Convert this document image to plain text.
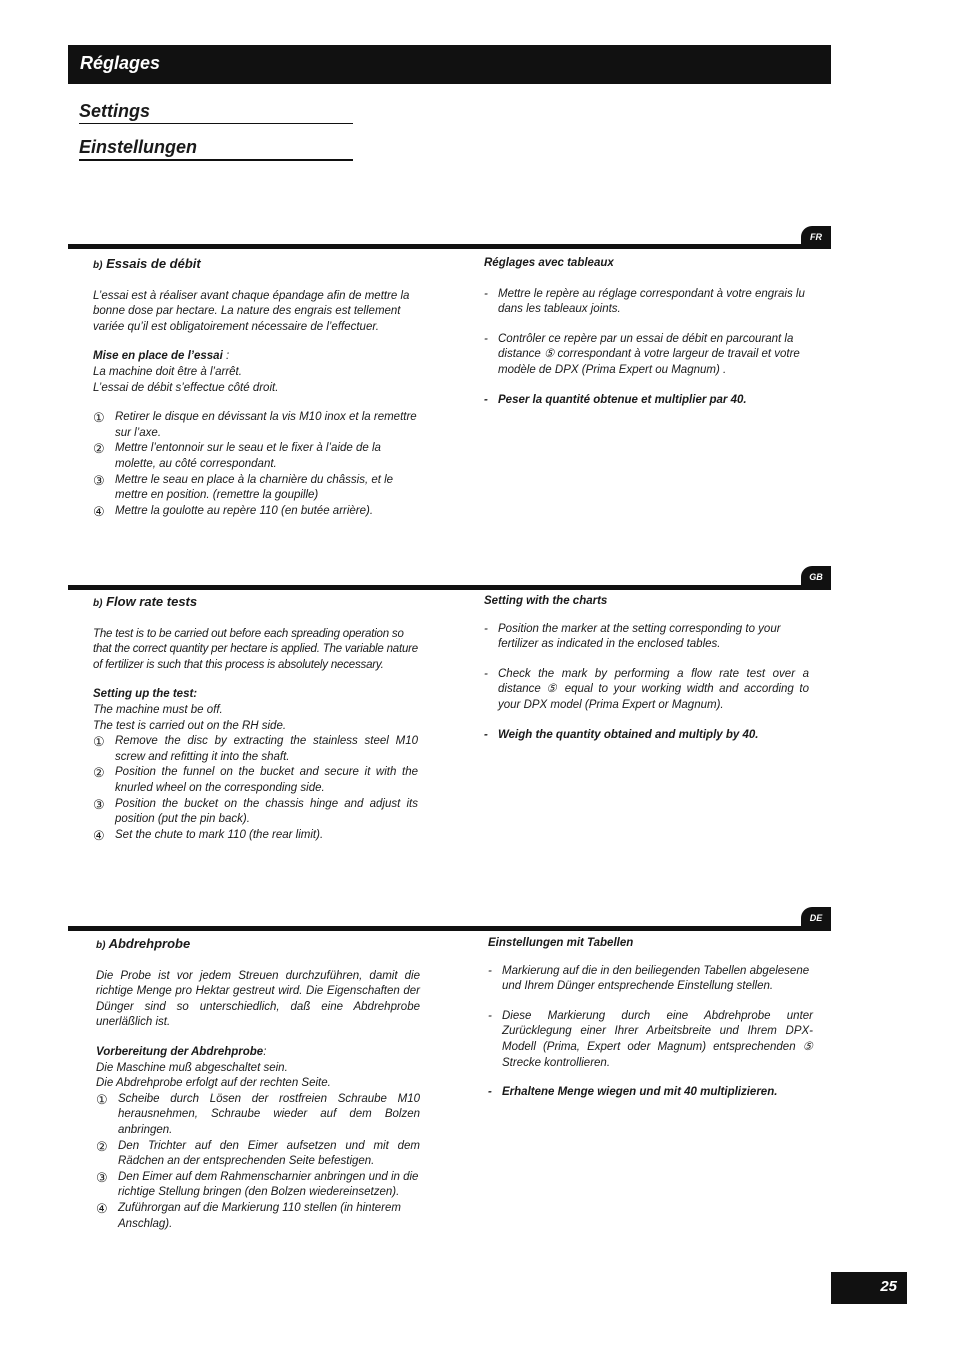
Réglages
Settings
Einstellungen
FR

b) Essais de débit

L’essai est à réaliser avant chaque épandage afin de mettre la bonne dose par hectare. La nature des engrais est tellement variée qu’il est obligatoirement nécessaire de l’effectuer.

Mise en place de l’essai :

La machine doit être à l’arrêt.

L’essai de débit s’effectue côté droit.

① Retirer le disque en dévissant la vis M10 inox et la remettre sur l’axe.
② Mettre l’entonnoir sur le seau et le fixer à l’aide de la molette, au côté correspondant.
③ Mettre le seau en place à la charnière du châssis, et le mettre en position. (remettre la goupille)
④ Mettre la goulotte au repère 110 (en butée arrière).

Réglages avec tableaux

- Mettre le repère au réglage correspondant à votre engrais lu dans les tableaux joints.
- Contrôler ce repère par un essai de débit en parcourant la distance ⑤ correspondant à votre largeur de travail et votre modèle de DPX (Prima Expert ou Magnum) .
- Peser la quantité obtenue et multiplier par 40.
GB

b) Flow rate tests

The test is to be carried out before each spreading operation so that the correct quantity per hectare is applied. The variable nature of fertilizer is such that this process is absolutely necessary.

Setting up the test:

The machine must be off.

The test is carried out on the RH side.

① Remove the disc by extracting the stainless steel M10 screw and refitting it into the shaft.
② Position the funnel on the bucket and secure it with the knurled wheel on the corresponding side.
③ Position the bucket on the chassis hinge and adjust its position (put the pin back).
④ Set the chute to mark 110 (the rear limit).

Setting with the charts

- Position the marker at the setting corresponding to your fertilizer as indicated in the enclosed tables.
- Check the mark by performing a flow rate test over a distance ⑤ equal to your working width and according to your DPX model (Prima Expert or Magnum).
- Weigh the quantity obtained and multiply by 40.
DE

b) Abdrehprobe

Die Probe ist vor jedem Streuen durchzuführen, damit die richtige Menge pro Hektar gestreut wird. Die Eigenschaften der Dünger sind so unterschiedlich, daß eine Abdrehprobe unerläßlich ist.

Vorbereitung der Abdrehprobe:

Die Maschine muß abgeschaltet sein.

Die Abdrehprobe erfolgt auf der rechten Seite.

① Scheibe durch Lösen der rostfreien Schraube M10 herausnehmen, Schraube wieder auf dem Bolzen anbringen.
② Den Trichter auf den Eimer aufsetzen und mit dem Rädchen an der entsprechenden Seite befestigen.
③ Den Eimer auf dem Rahmenscharnier anbringen und in die richtige Stellung bringen (den Bolzen wiedereinsetzen).
④ Zuführorgan auf die Markierung 110 stellen (in hinterem Anschlag).

Einstellungen mit Tabellen

- Markierung auf die in den beiliegenden Tabellen abgelesene und Ihrem Dünger entsprechende Einstellung stellen.
- Diese Markierung durch eine Abdrehprobe unter Zurücklegung einer Ihrer Arbeitsbreite und Ihrem DPX-Modell (Prima, Expert oder Magnum) entsprechenden ⑤ Strecke kontrollieren.
- Erhaltene Menge wiegen und mit 40 multiplizieren.
25
